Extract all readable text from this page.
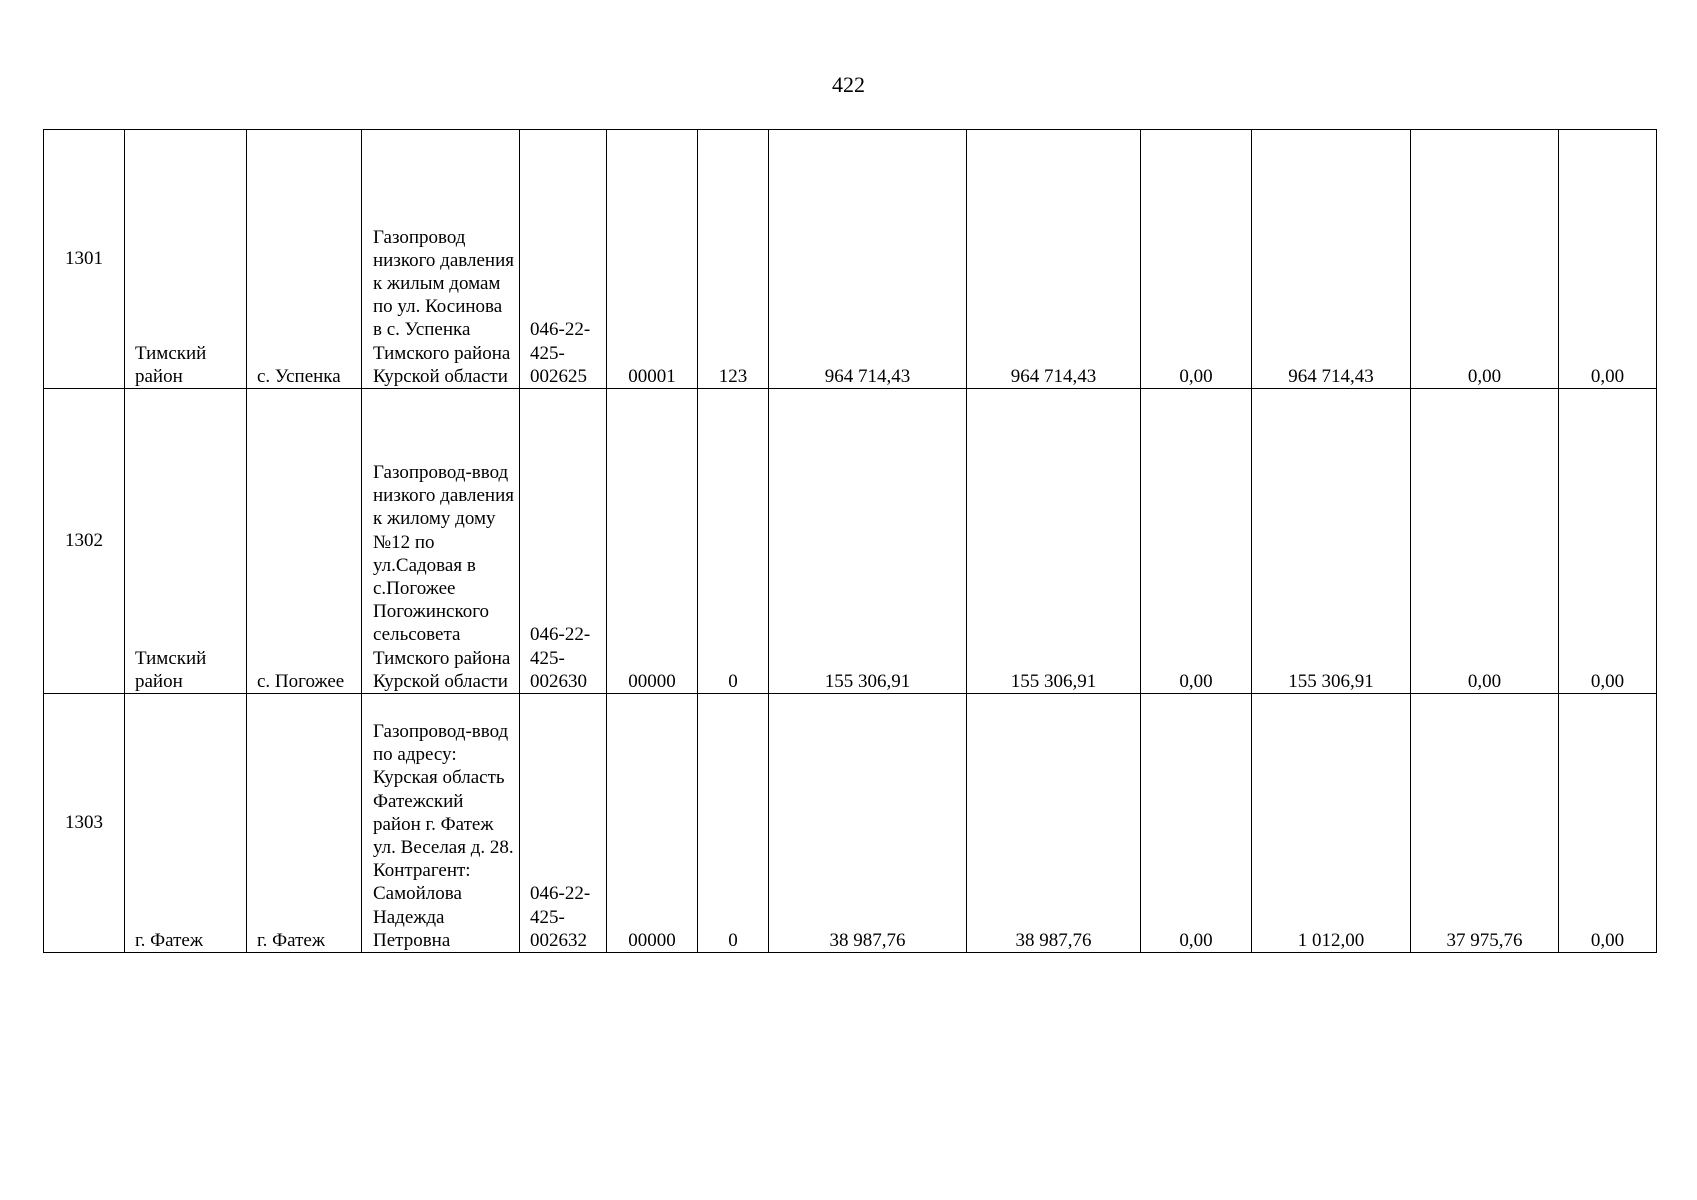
422
1301	Тимский район	с. Успенка	Газопровод низкого давления к жилым домам по ул. Косинова в с. Успенка Тимского района Курской области	046-22-425-002625	00001	123	964 714,43	964 714,43	0,00	964 714,43	0,00	0,00
1302	Тимский район	с. Погожее	Газопровод-ввод низкого давления к жилому дому №12 по ул.Садовая в с.Погожее Погожинского сельсовета Тимского района Курской области	046-22-425-002630	00000	0	155 306,91	155 306,91	0,00	155 306,91	0,00	0,00
1303	г. Фатеж	г. Фатеж	Газопровод-ввод по адресу: Курская область Фатежский район г. Фатеж ул. Веселая д. 28. Контрагент: Самойлова Надежда Петровна	046-22-425-002632	00000	0	38 987,76	38 987,76	0,00	1 012,00	37 975,76	0,00
